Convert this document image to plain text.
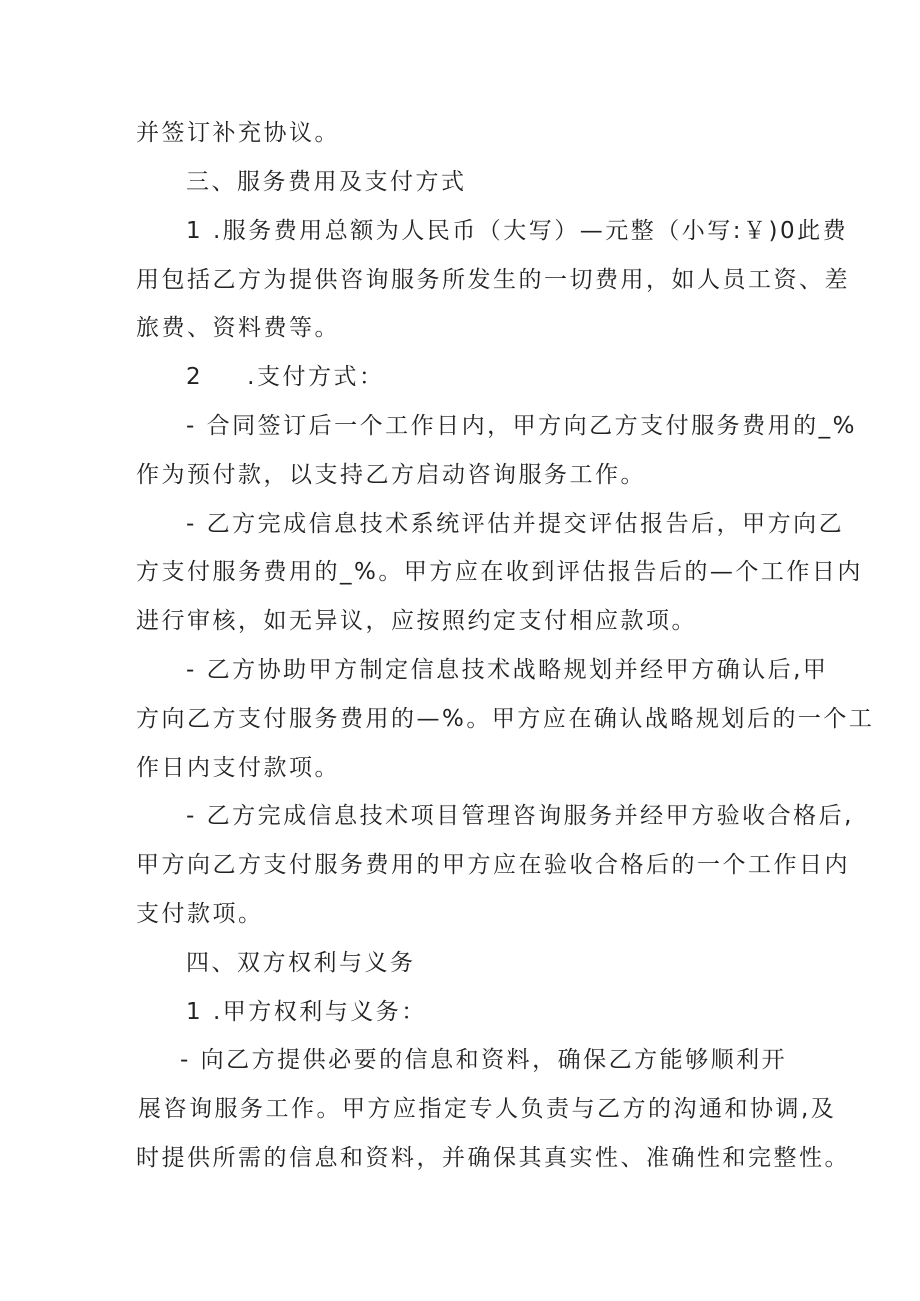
并签订补充协议。
三、服务费用及支付方式
1 .服务费用总额为人民币（大写）—元整（小写:￥)0此费
用包括乙方为提供咨询服务所发生的一切费用，如人员工资、差
旅费、资料费等。
2 .支付方式：
- 合同签订后一个工作日内，甲方向乙方支付服务费用的_%
作为预付款，以支持乙方启动咨询服务工作。
- 乙方完成信息技术系统评估并提交评估报告后，甲方向乙
方支付服务费用的_%。甲方应在收到评估报告后的—个工作日内
进行审核，如无异议，应按照约定支付相应款项。
- 乙方协助甲方制定信息技术战略规划并经甲方确认后,甲
方向乙方支付服务费用的—%。甲方应在确认战略规划后的一个工
作日内支付款项。
- 乙方完成信息技术项目管理咨询服务并经甲方验收合格后,
甲方向乙方支付服务费用的甲方应在验收合格后的一个工作日内
支付款项。
四、双方权利与义务
1 .甲方权利与义务：
- 向乙方提供必要的信息和资料，确保乙方能够顺利开
展咨询服务工作。甲方应指定专人负责与乙方的沟通和协调,及
时提供所需的信息和资料，并确保其真实性、准确性和完整性。
